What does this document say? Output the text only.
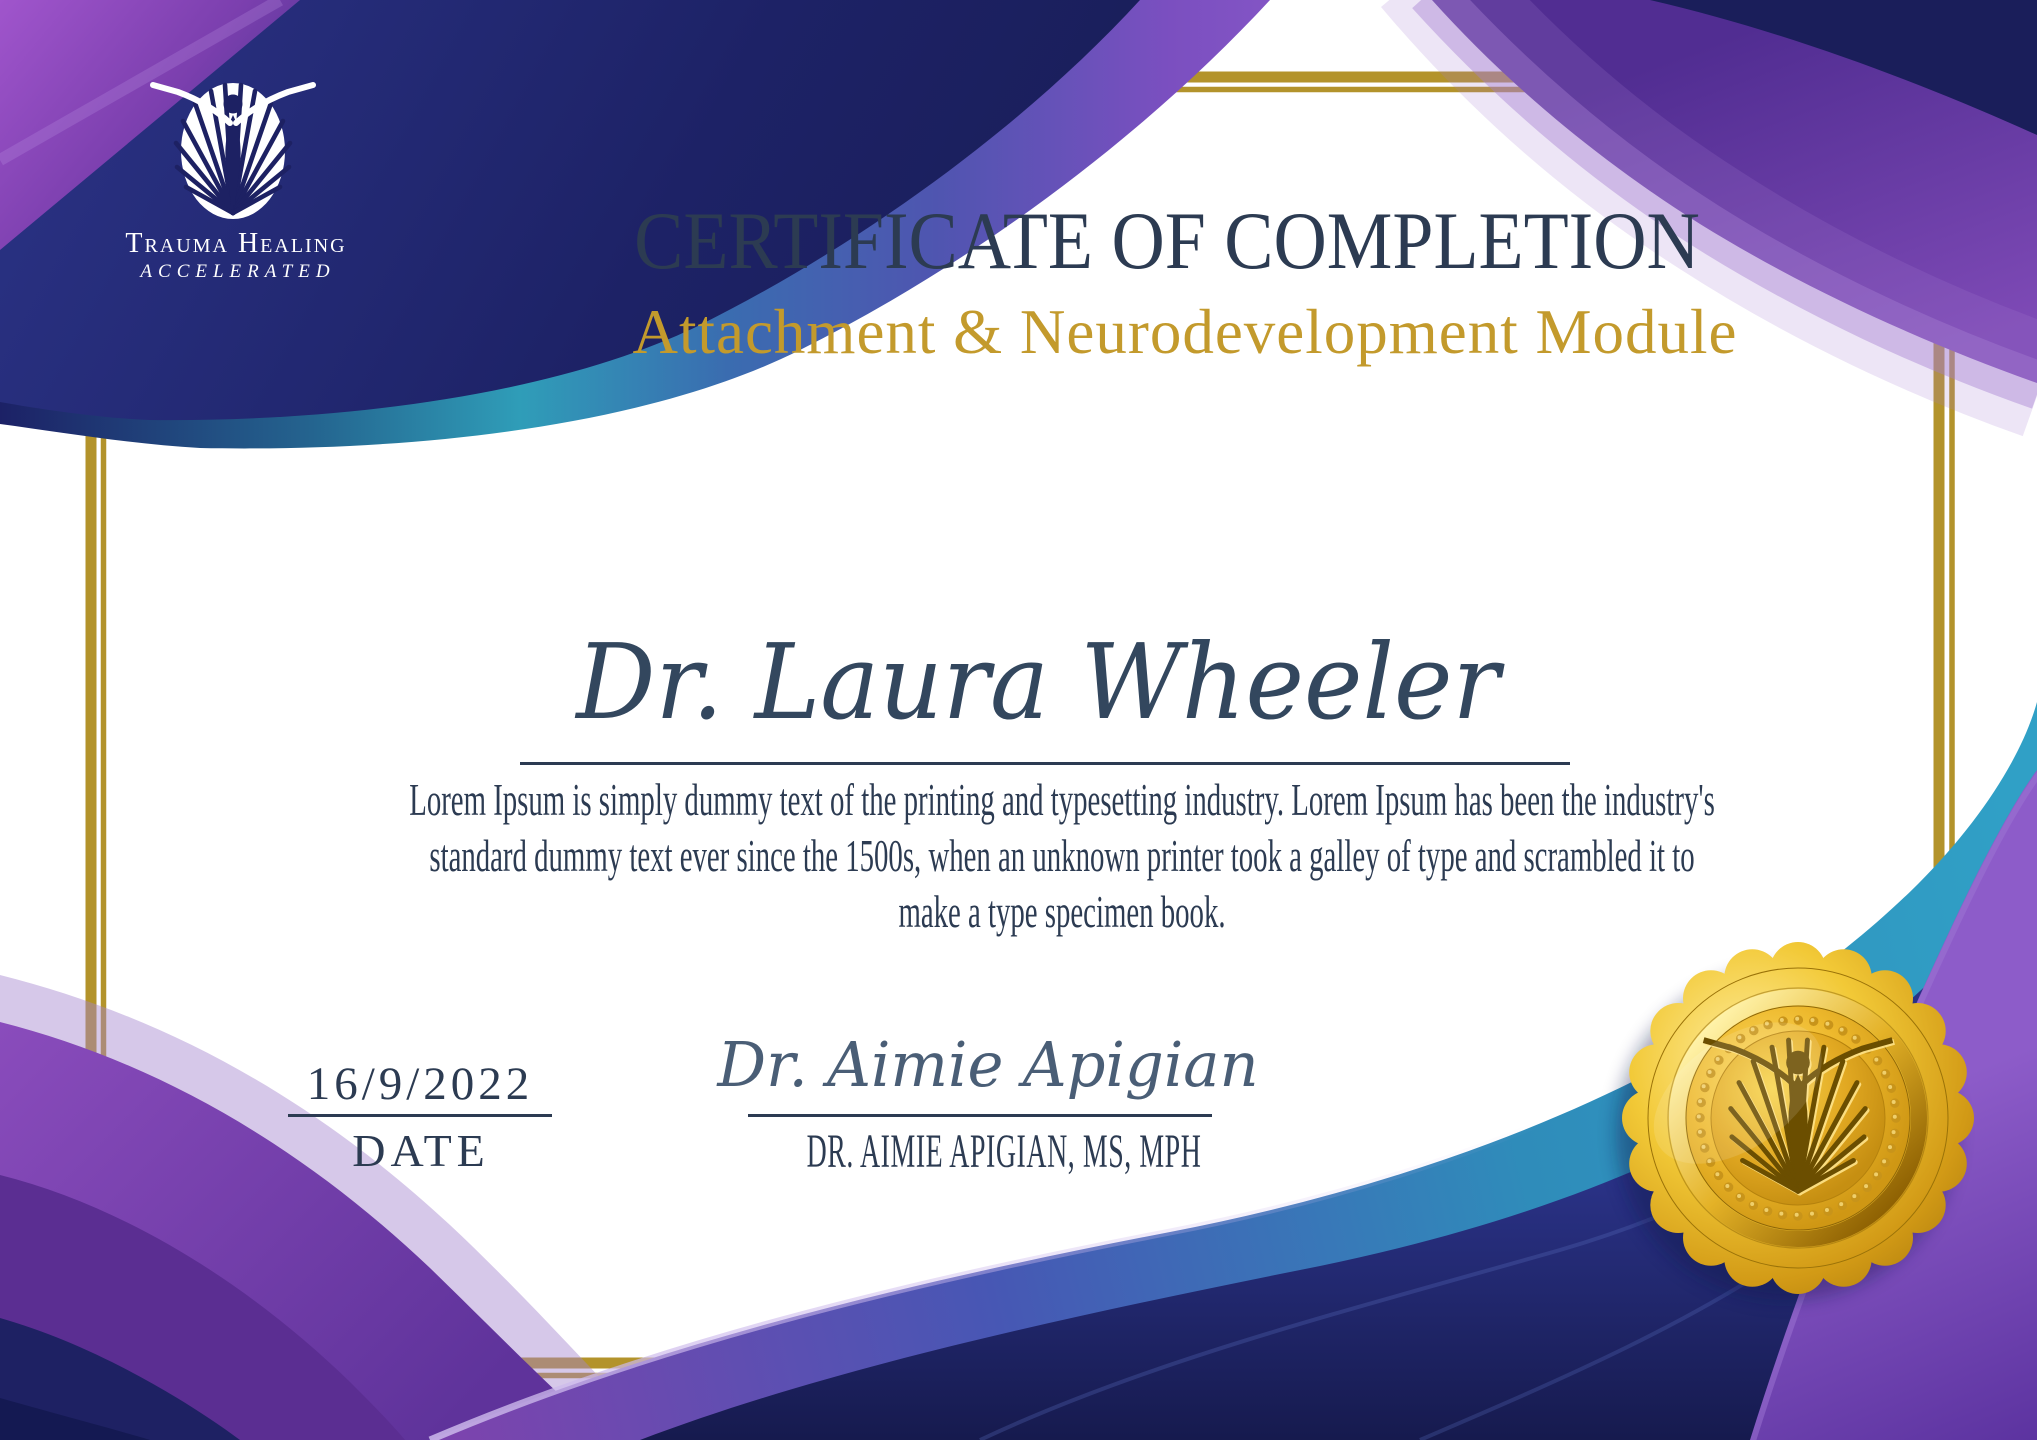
Trauma Healing
ACCELERATED	CERTIFICATE OF COMPLETION
Attachment & Neurodevelopment Module
Dr. Laura Wheeler
Lorem Ipsum is simply dummy text of the printing and typesetting industry. Lorem Ipsum has been the industry's
standard dummy text ever since the 1500s, when an unknown printer took a galley of type and scrambled it to
make a type specimen book.
16/9/2022
DATE
Dr. Aimie Apigian
DR. AIMIE APIGIAN, MS, MPH
